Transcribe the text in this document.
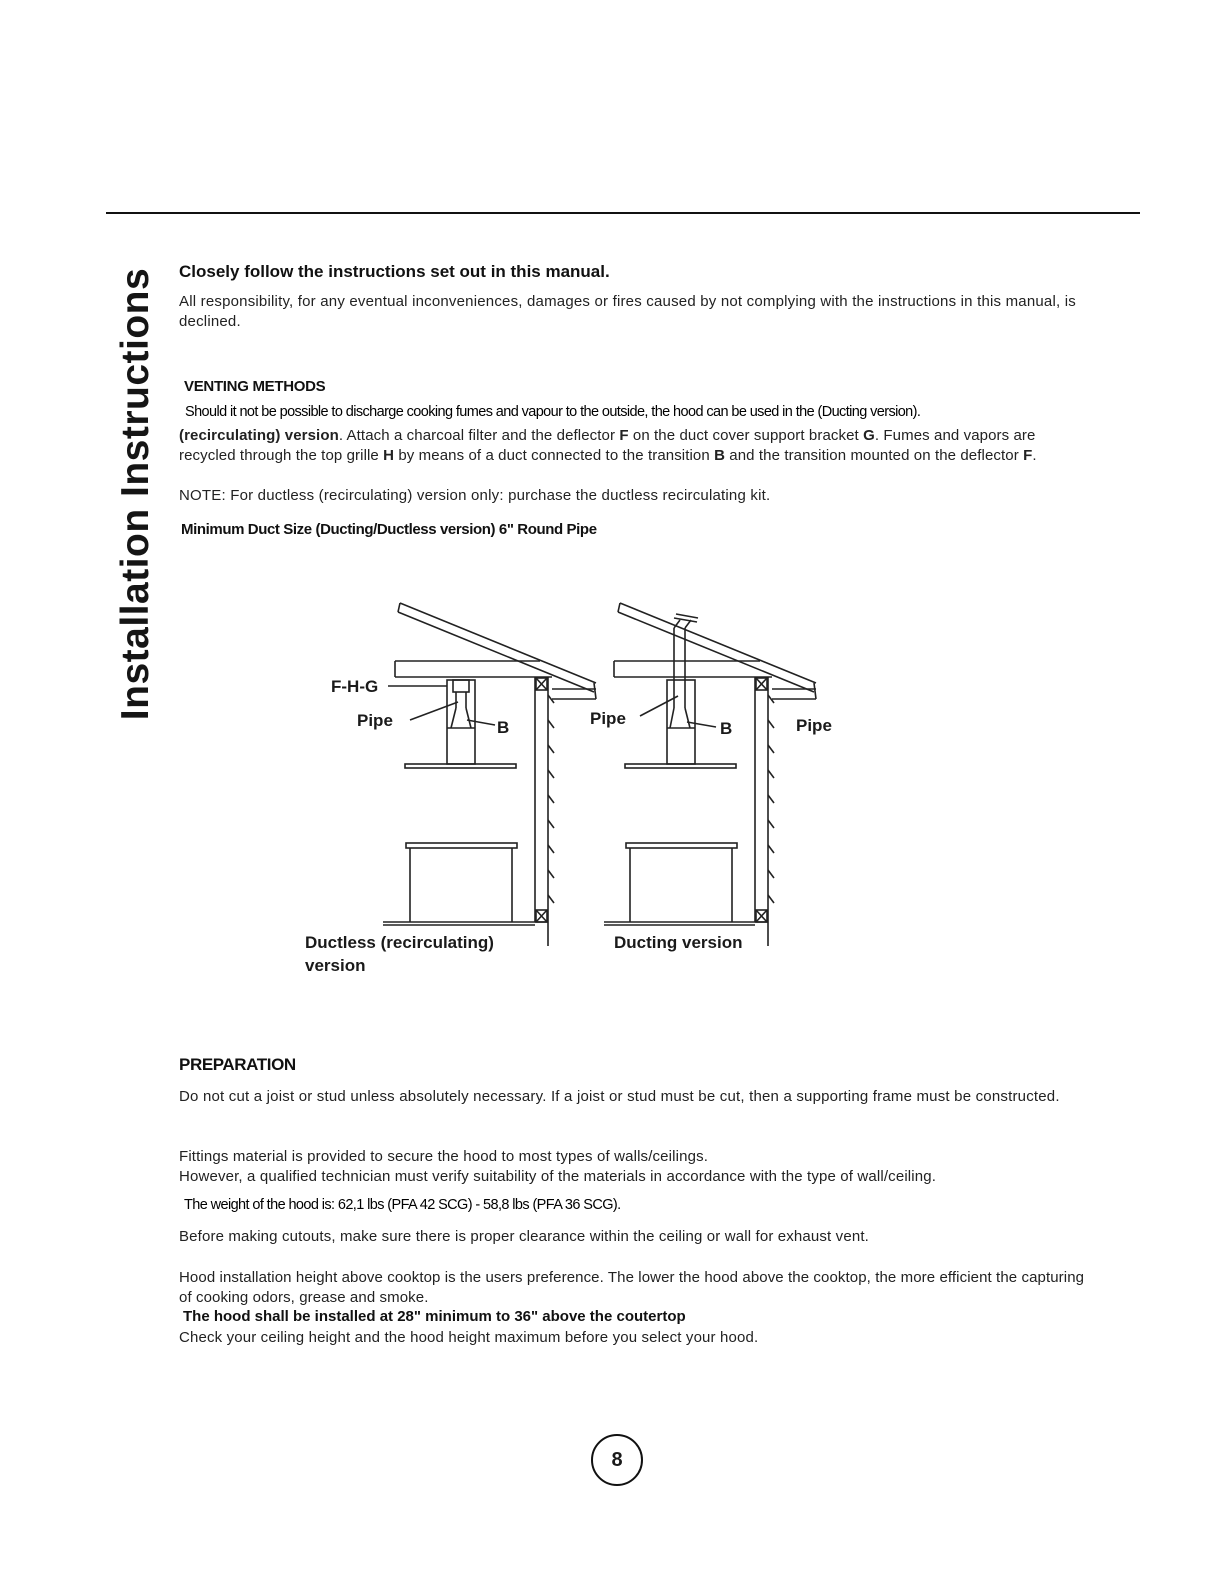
Installation Instructions Closely follow the instructions set out in this manual.
All responsibility, for any eventual inconveniences, damages or fires caused by not complying with the instructions in this manual, is declined.
VENTING METHODS
Should it not be possible to discharge cooking fumes and vapour to the outside, the hood can be used in the (Ducting version).
(recirculating) version. Attach a charcoal filter and the deflector F on the duct cover support bracket G. Fumes and vapors are recycled through the top grille H by means of a duct connected to the transition B and the transition mounted on the deflector F.
NOTE: For ductless (recirculating) version only: purchase the ductless recirculating kit.
Minimum Duct Size (Ducting/Ductless version) 6" Round Pipe
F-H-G
Pipe	B	Pipe
B	Pipe
Ductless (recirculating)
version
Ducting version
PREPARATION
Do not cut a joist or stud unless absolutely necessary. If a joist or stud must be cut, then a supporting frame must be constructed.
Fittings material is provided to secure the hood to most types of walls/ceilings.
However, a qualified technician must verify suitability of the materials in accordance with the type of wall/ceiling.
The weight of the hood is: 62,1 lbs (PFA 42 SCG) - 58,8 lbs (PFA 36 SCG).
Before making cutouts, make sure there is proper clearance within the ceiling or wall for exhaust vent.
Hood installation height above cooktop is the users preference. The lower the hood above the cooktop, the more efficient the capturing of cooking odors, grease and smoke.
The hood shall be installed at 28" minimum to 36" above the coutertop
Check your ceiling height and the hood height maximum before you select your hood.
8
